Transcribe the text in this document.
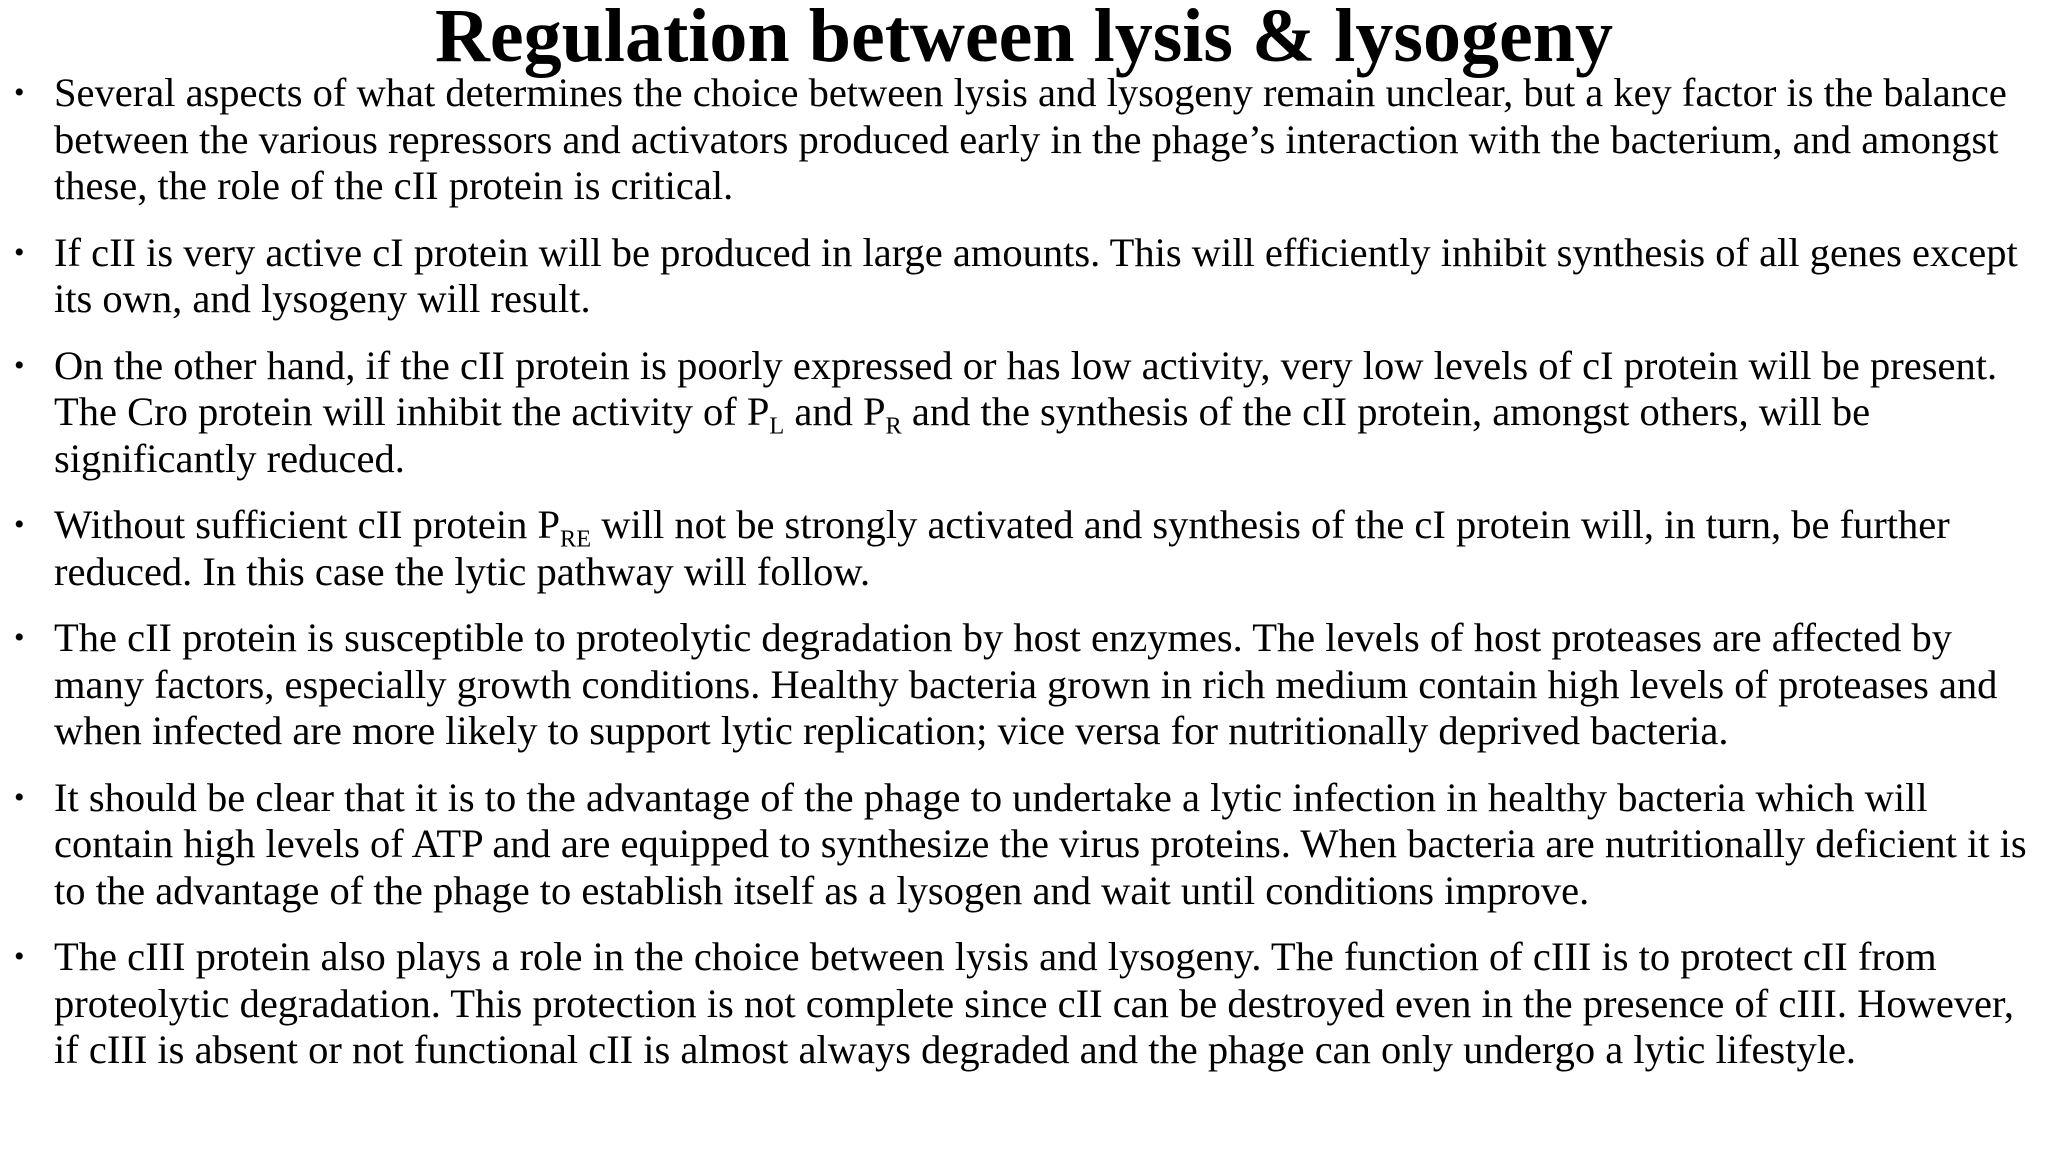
Regulation between lysis & lysogeny
• Several aspects of what determines the choice between lysis and lysogeny remain unclear, but a key factor is the balance between the various repressors and activators produced early in the phage’s interaction with the bacterium, and amongst these, the role of the cII protein is critical.
• If cII is very active cI protein will be produced in large amounts. This will efficiently inhibit synthesis of all genes except its own, and lysogeny will result.
• On the other hand, if the cII protein is poorly expressed or has low activity, very low levels of cI protein will be present. The Cro protein will inhibit the activity of $P_L$ and $P_R$ and the synthesis of the cII protein, amongst others, will be significantly reduced.
• Without sufficient cII protein $P_{RE}$ will not be strongly activated and synthesis of the cI protein will, in turn, be further reduced. In this case the lytic pathway will follow.
• The cII protein is susceptible to proteolytic degradation by host enzymes. The levels of host proteases are affected by many factors, especially growth conditions. Healthy bacteria grown in rich medium contain high levels of proteases and when infected are more likely to support lytic replication; vice versa for nutritionally deprived bacteria.
• It should be clear that it is to the advantage of the phage to undertake a lytic infection in healthy bacteria which will contain high levels of ATP and are equipped to synthesize the virus proteins. When bacteria are nutritionally deficient it is to the advantage of the phage to establish itself as a lysogen and wait until conditions improve.
• The cIII protein also plays a role in the choice between lysis and lysogeny. The function of cIII is to protect cII from proteolytic degradation. This protection is not complete since cII can be destroyed even in the presence of cIII. However, if cIII is absent or not functional cII is almost always degraded and the phage can only undergo a lytic lifestyle.
